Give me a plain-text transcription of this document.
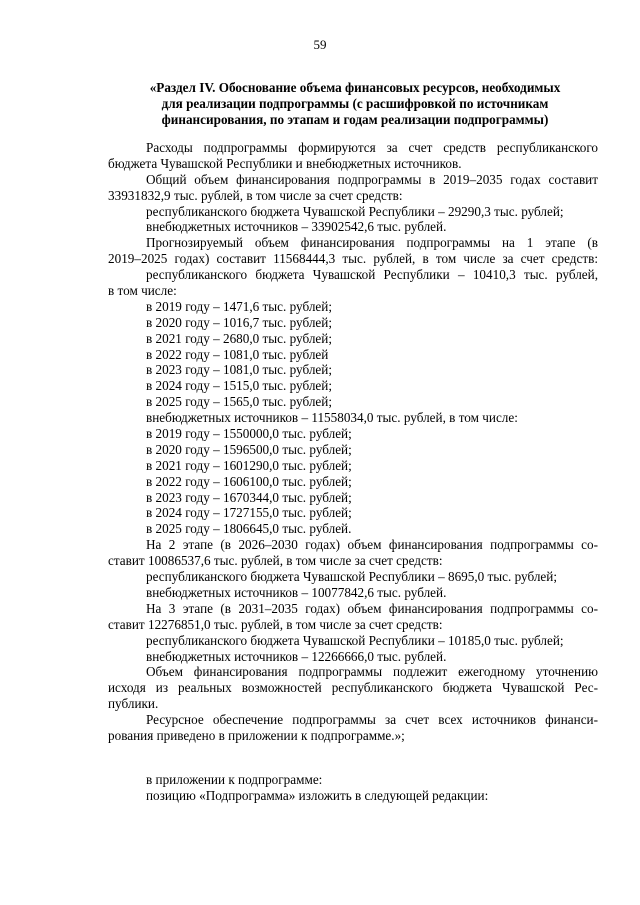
59
«Раздел IV. Обоснование объема финансовых ресурсов, необходимых
для реализации подпрограммы (с расшифровкой по источникам
финансирования, по этапам и годам реализации подпрограммы)
Расходы подпрограммы формируются за счет средств республиканского
бюджета Чувашской Республики и внебюджетных источников.
Общий объем финансирования подпрограммы в 2019–2035 годах составит
33931832,9 тыс. рублей, в том числе за счет средств:
республиканского бюджета Чувашской Республики – 29290,3 тыс. рублей;
внебюджетных источников – 33902542,6 тыс. рублей.
Прогнозируемый объем финансирования подпрограммы на 1 этапе (в
2019–2025 годах) составит 11568444,3 тыс. рублей, в том числе за счет средств:
республиканского бюджета Чувашской Республики – 10410,3 тыс. рублей,
в том числе:
в 2019 году – 1471,6 тыс. рублей;
в 2020 году – 1016,7 тыс. рублей;
в 2021 году – 2680,0 тыс. рублей;
в 2022 году – 1081,0 тыс. рублей
в 2023 году – 1081,0 тыс. рублей;
в 2024 году – 1515,0 тыс. рублей;
в 2025 году – 1565,0 тыс. рублей;
внебюджетных источников – 11558034,0 тыс. рублей, в том числе:
в 2019 году – 1550000,0 тыс. рублей;
в 2020 году – 1596500,0 тыс. рублей;
в 2021 году – 1601290,0 тыс. рублей;
в 2022 году – 1606100,0 тыс. рублей;
в 2023 году – 1670344,0 тыс. рублей;
в 2024 году – 1727155,0 тыс. рублей;
в 2025 году – 1806645,0 тыс. рублей.
На 2 этапе (в 2026–2030 годах) объем финансирования подпрограммы со-
ставит 10086537,6 тыс. рублей, в том числе за счет средств:
республиканского бюджета Чувашской Республики – 8695,0 тыс. рублей;
внебюджетных источников – 10077842,6 тыс. рублей.
На 3 этапе (в 2031–2035 годах) объем финансирования подпрограммы со-
ставит 12276851,0 тыс. рублей, в том числе за счет средств:
республиканского бюджета Чувашской Республики – 10185,0 тыс. рублей;
внебюджетных источников – 12266666,0 тыс. рублей.
Объем финансирования подпрограммы подлежит ежегодному уточнению
исходя из реальных возможностей республиканского бюджета Чувашской Рес-
публики.
Ресурсное обеспечение подпрограммы за счет всех источников финанси-
рования приведено в приложении к подпрограмме.»;
в приложении к подпрограмме:
позицию «Подпрограмма» изложить в следующей редакции:
